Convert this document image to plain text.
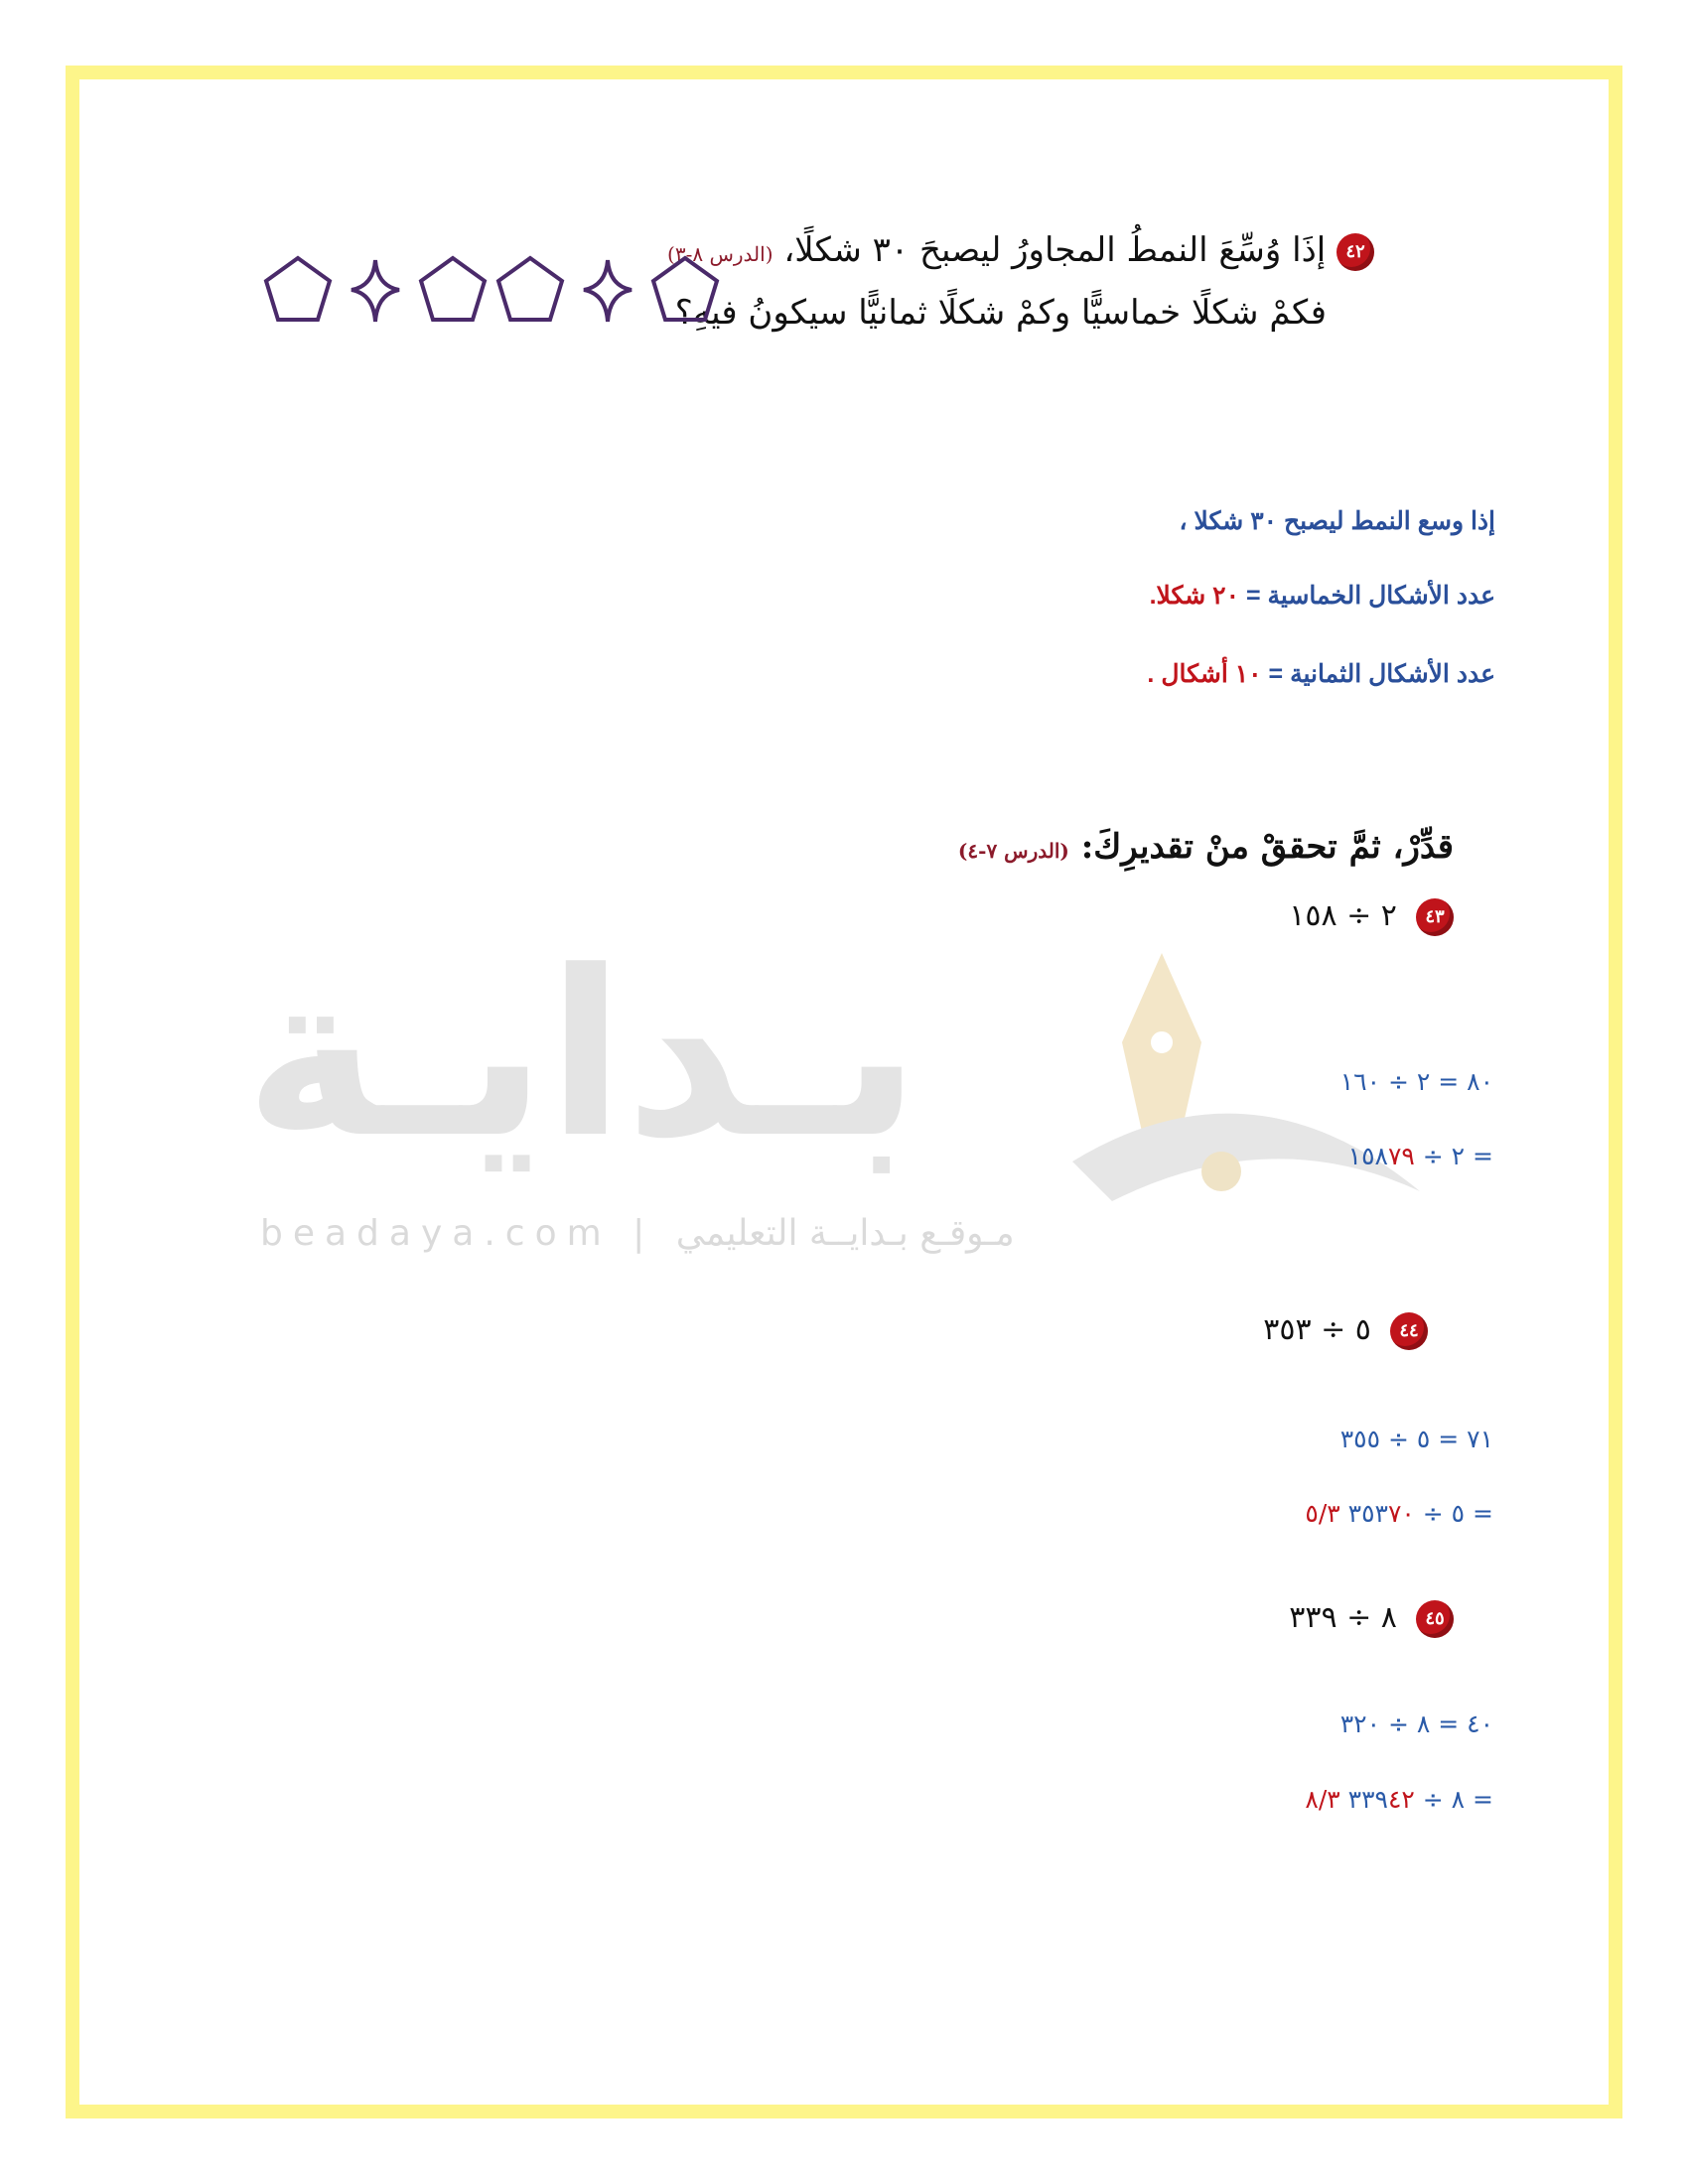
بـدايـة
beadaya.com | مـوقـع بـدايــة التعليمي
٤٢ إذَا وُسِّعَ النمطُ المجاورُ ليصبحَ ٣٠ شكلًا، (الدرس ٨-٣)
فكمْ شكلًا خماسيًّا وكمْ شكلًا ثمانيًّا سيكونُ فيهِ؟
إذا وسع النمط ليصبح ٣٠ شكلا ،
عدد الأشكال الخماسية = ٢٠ شكلا.
عدد الأشكال الثمانية = ١٠ أشكال .
قدِّرْ، ثمَّ تحققْ منْ تقديرِكَ: (الدرس ٧-٤)
٤٣  ٢ ÷ ١٥٨
٨٠ = ٢ ÷ ١٦٠
= ٢ ÷ ١٥٨٧٩
٤٤  ٥ ÷ ٣٥٣
٧١ = ٥ ÷ ٣٥٥
= ٥ ÷ ٣٥٣٧٠ ٥/٣
٤٥  ٨ ÷ ٣٣٩
٤٠ = ٨ ÷ ٣٢٠
= ٨ ÷ ٣٣٩٤٢ ٨/٣
